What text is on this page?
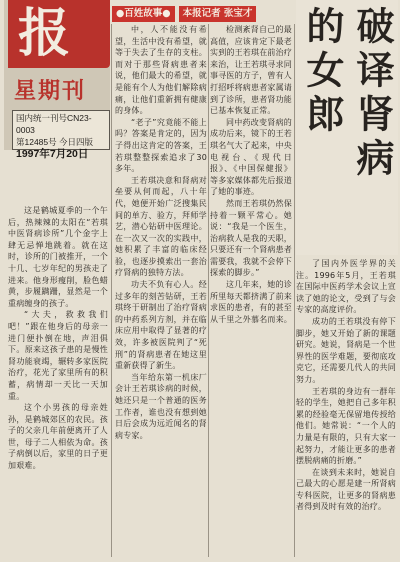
报
星期刊
国内统一刊号CN23-0003
第12485号 今日四版
1997年7月20日
●百姓故事●	本报记者 张宝才	破译肾病
的女郎

这是鹤城夏季的一个午后，热辣辣的太阳在“若琪中医肾病诊所”几个金字上肆无忌惮地跳着。就在这时，诊所的门被推开，一个十几、七岁年纪的男孩走了进来。他身形瘦削，脸色蜡黄，步履蹒跚，显然是一个重病缠身的孩子。

“大夫，救救我们吧！”跟在他身后的母亲一进门便扑倒在地，声泪俱下。原来这孩子患的是慢性肾功能衰竭，辗转多家医院治疗，花光了家里所有的积蓄，病情却一天比一天加重。

这个小男孩的母亲姓孙，是鹤城郊区的农民。孩子的父亲几年前便离开了人世，母子二人相依为命。孩子病倒以后，家里的日子更加艰难。

中，人不能没有希望，生活中没有希望，就等于失去了生存的支柱。而对于那些肾病患者来说，他们最大的希望，就是能有个人为他们解除病痛，让他们重新拥有健康的身体。

“老子”究竟能不能上吗？答案是肯定的，因为子得出这肯定的答案，王若琪整整探索追求了30多年。

王若琪决意和肾病对垒要从何而起，八十年代，她便开始广泛搜集民间的单方、验方，拜师学艺，潜心钻研中医理论。在一次又一次的实践中，她积累了丰富的临床经验，也逐步摸索出一套治疗肾病的独特方法。

功夫不负有心人。经过多年的刻苦钻研，王若琪终于研制出了治疗肾病的中药系列方剂，并在临床应用中取得了显著的疗效，许多被医院判了“死刑”的肾病患者在她这里重新获得了新生。

当年给东第一机床厂会计王若琪诊病的时候，她还只是一个普通的医务工作者，谁也没有想到她日后会成为远近闻名的肾病专家。

检测紊肾自己的最高值，应该肯定下最老实到的王若琪在前治疗来治，让王若琪寻求同事寻医的方子，曾有人打招呼将病患者家属请到了诊所，患者肾功能已基本恢复正常。

同中药改变肾病的成功后来，镜下的王若琪名气大了起来，中央电视台、《现代日报》、《中国保健报》等多家媒体都先后报道了她的事迹。

然而王若琪仍然保持着一颗平常心。她说：“我是一个医生，治病救人是我的天职，只要还有一个肾病患者需要我，我就不会停下探索的脚步。”

这几年来，她的诊所里每天都挤满了前来求医的患者，有的甚至从千里之外慕名而来。

了国内外医学界的关注。1996年5月，王若琪在国际中医药学术会议上宣读了她的论文，受到了与会专家的高度评价。

成功的王若琪没有停下脚步，她又开始了新的课题研究。她说，肾病是一个世界性的医学难题，要彻底攻克它，还需要几代人的共同努力。

王若琪的身边有一群年轻的学生，她把自己多年积累的经验毫无保留地传授给他们。她常说：“一个人的力量是有限的，只有大家一起努力，才能让更多的患者摆脱病痛的折磨。”

在谈到未来时，她说自己最大的心愿是建一所肾病专科医院，让更多的肾病患者得到及时有效的治疗。
